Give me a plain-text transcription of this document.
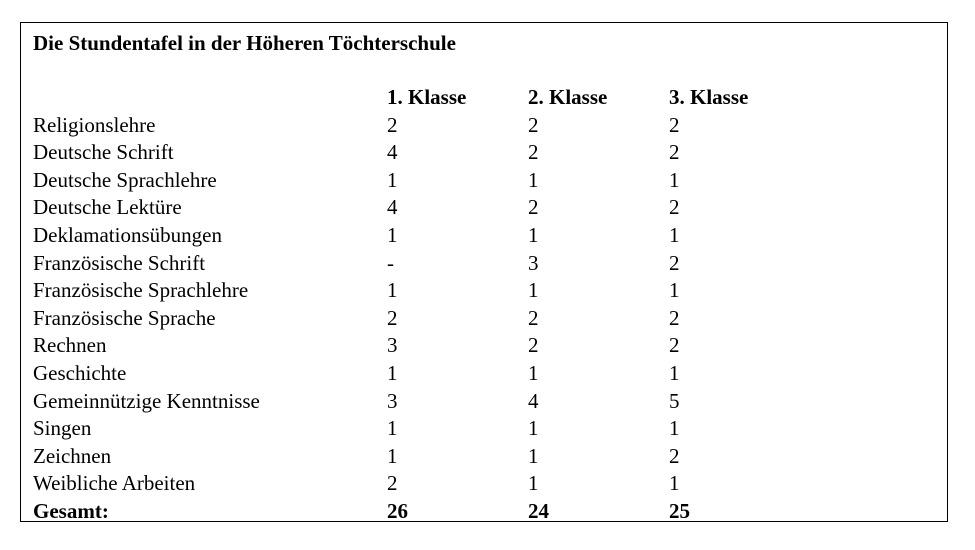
Die Stundentafel in der Höheren Töchterschule
	1. Klasse	2. Klasse	3. Klasse
Religionslehre	2	2	2
Deutsche Schrift	4	2	2
Deutsche Sprachlehre	1	1	1
Deutsche Lektüre	4	2	2
Deklamationsübungen	1	1	1
Französische Schrift	-	3	2
Französische Sprachlehre	1	1	1
Französische Sprache	2	2	2
Rechnen	3	2	2
Geschichte	1	1	1
Gemeinnützige Kenntnisse	3	4	5
Singen	1	1	1
Zeichnen	1	1	2
Weibliche Arbeiten	2	1	1
Gesamt:	26	24	25
